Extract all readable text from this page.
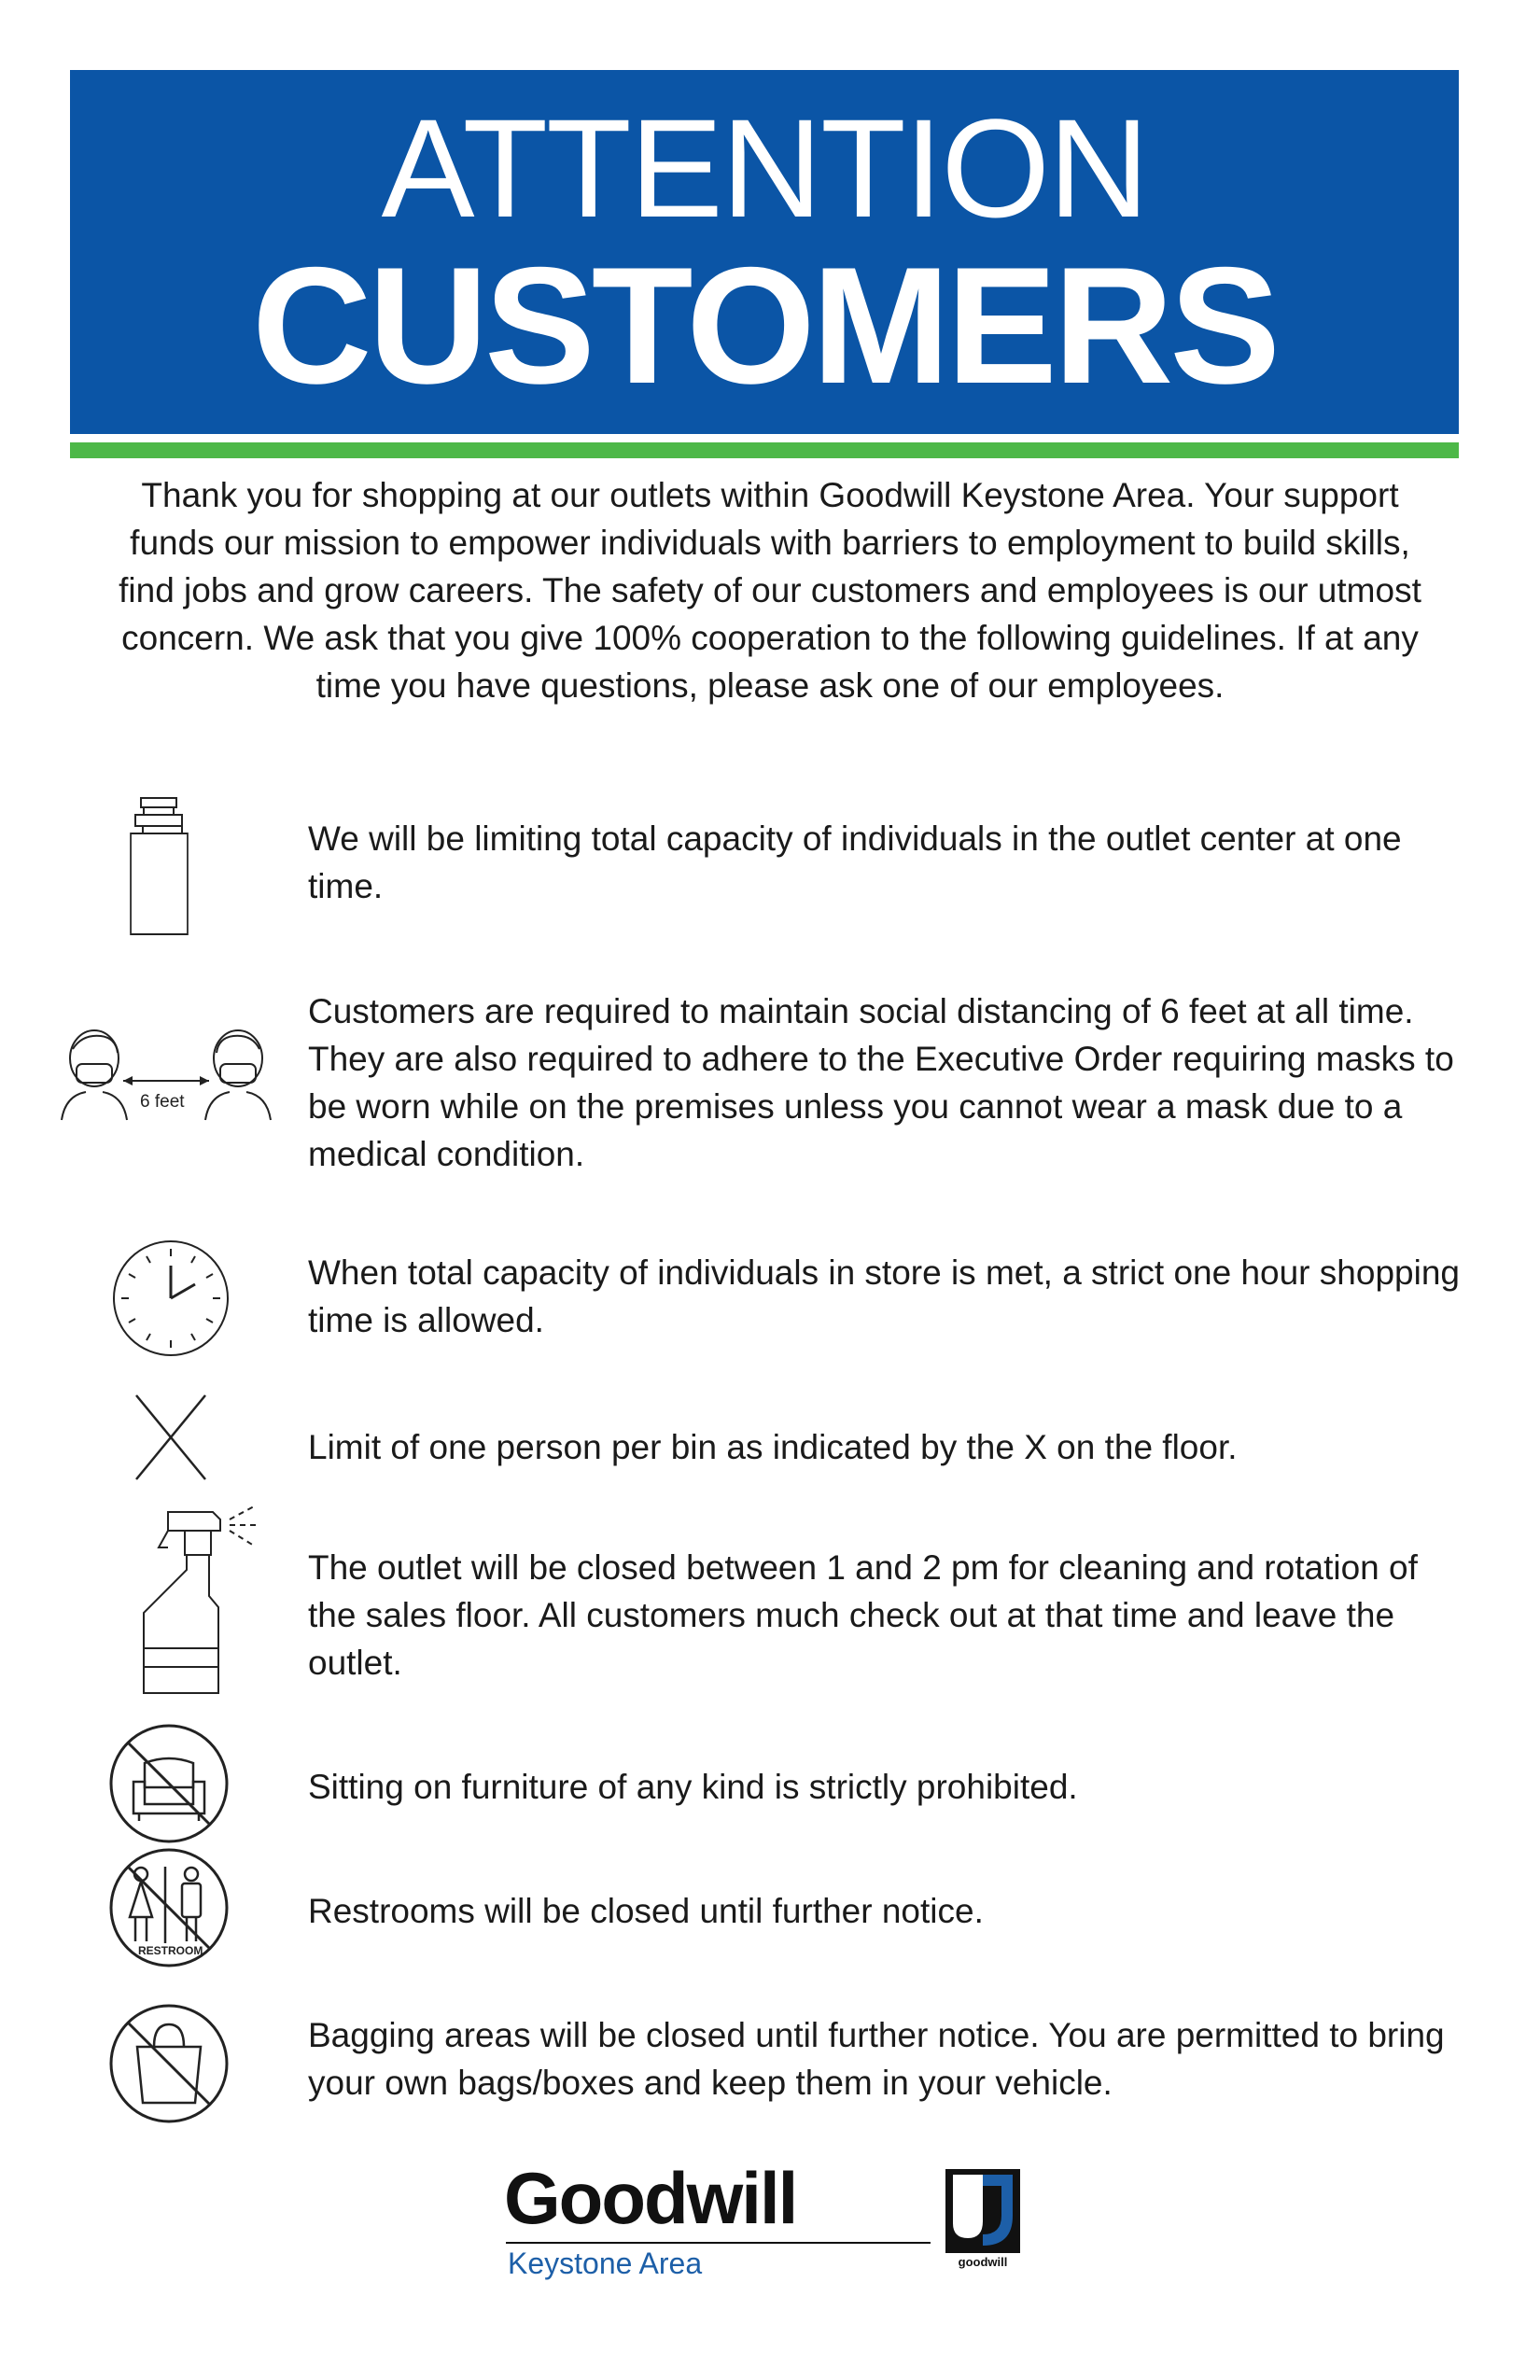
ATTENTION
CUSTOMERS
Thank you for shopping at our outlets within Goodwill Keystone Area. Your support funds our mission to empower individuals with barriers to employment to build skills, find jobs and grow careers. The safety of our customers and employees is our utmost concern. We ask that you give 100% cooperation to the following guidelines. If at any time you have questions, please ask one of our employees.
We will be limiting total capacity of individuals in the outlet center at one time.
6 feet
Customers are required to maintain social distancing of 6 feet at all time. They are also required to adhere to the Executive Order requiring masks to be worn while on the premises unless you cannot wear a mask due to a medical condition.
When total capacity of individuals in store is met, a strict one hour shopping time is allowed.
Limit of one person per bin as indicated by the X on the floor.
The outlet will be closed between 1 and 2 pm for cleaning and rotation of the sales floor. All customers much check out at that time and leave the outlet.
Sitting on furniture of any kind is strictly prohibited.
RESTROOM
Restrooms will be closed until further notice.
Bagging areas will be closed until further notice. You are permitted to bring your own bags/boxes and keep them in your vehicle.
Goodwill
Keystone Area	goodwill
